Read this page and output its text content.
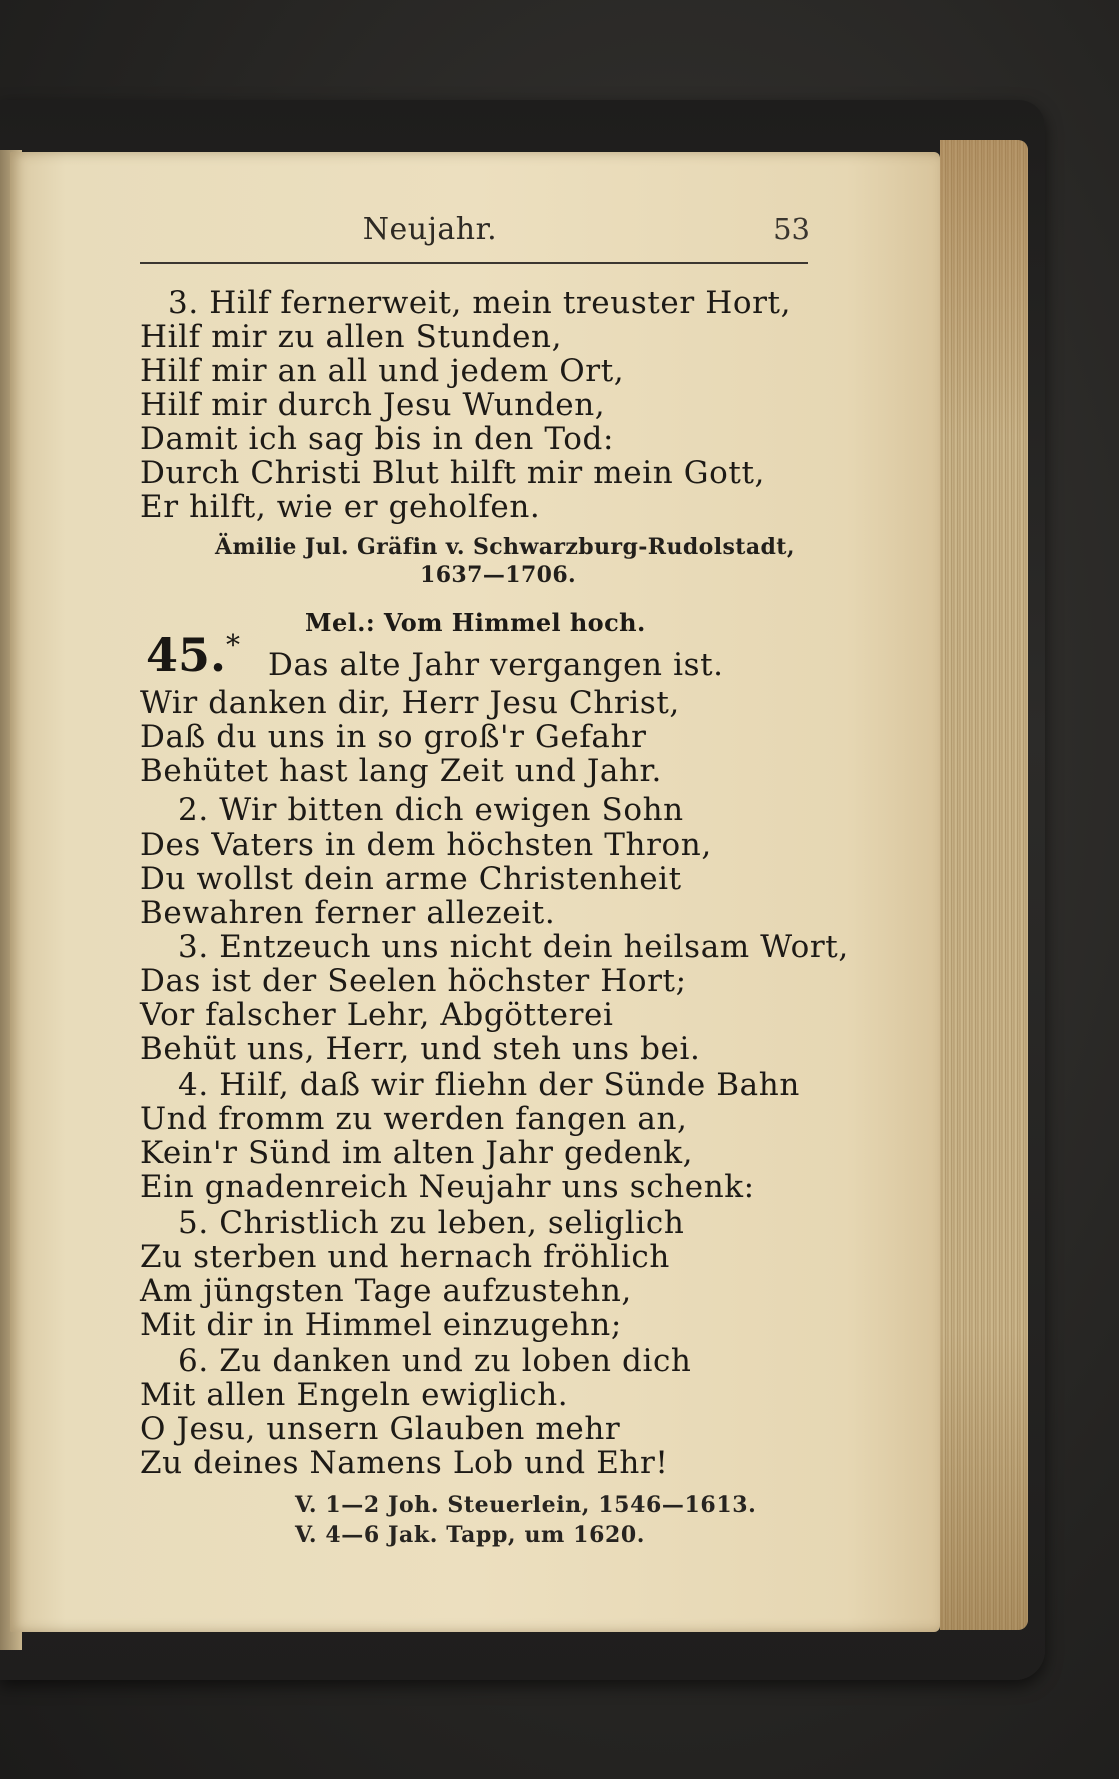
Neujahr.	53
3. Hilf fernerweit, mein treuster Hort,
Hilf mir zu allen Stunden,
Hilf mir an all und jedem Ort,
Hilf mir durch Jesu Wunden,
Damit ich sag bis in den Tod:
Durch Christi Blut hilft mir mein Gott,
Er hilft, wie er geholfen.
Ämilie Jul. Gräfin v. Schwarzburg-Rudolstadt,
1637—1706.
Mel.: Vom Himmel hoch.
45.*
Das alte Jahr vergangen ist.
Wir danken dir, Herr Jesu Christ,
Daß du uns in so groß'r Gefahr
Behütet hast lang Zeit und Jahr.
2. Wir bitten dich ewigen Sohn
Des Vaters in dem höchsten Thron,
Du wollst dein arme Christenheit
Bewahren ferner allezeit.
3. Entzeuch uns nicht dein heilsam Wort,
Das ist der Seelen höchster Hort;
Vor falscher Lehr, Abgötterei
Behüt uns, Herr, und steh uns bei.
4. Hilf, daß wir fliehn der Sünde Bahn
Und fromm zu werden fangen an,
Kein'r Sünd im alten Jahr gedenk,
Ein gnadenreich Neujahr uns schenk:
5. Christlich zu leben, seliglich
Zu sterben und hernach fröhlich
Am jüngsten Tage aufzustehn,
Mit dir in Himmel einzugehn;
6. Zu danken und zu loben dich
Mit allen Engeln ewiglich.
O Jesu, unsern Glauben mehr
Zu deines Namens Lob und Ehr!
V. 1—2 Joh. Steuerlein, 1546—1613.
V. 4—6 Jak. Tapp, um 1620.
